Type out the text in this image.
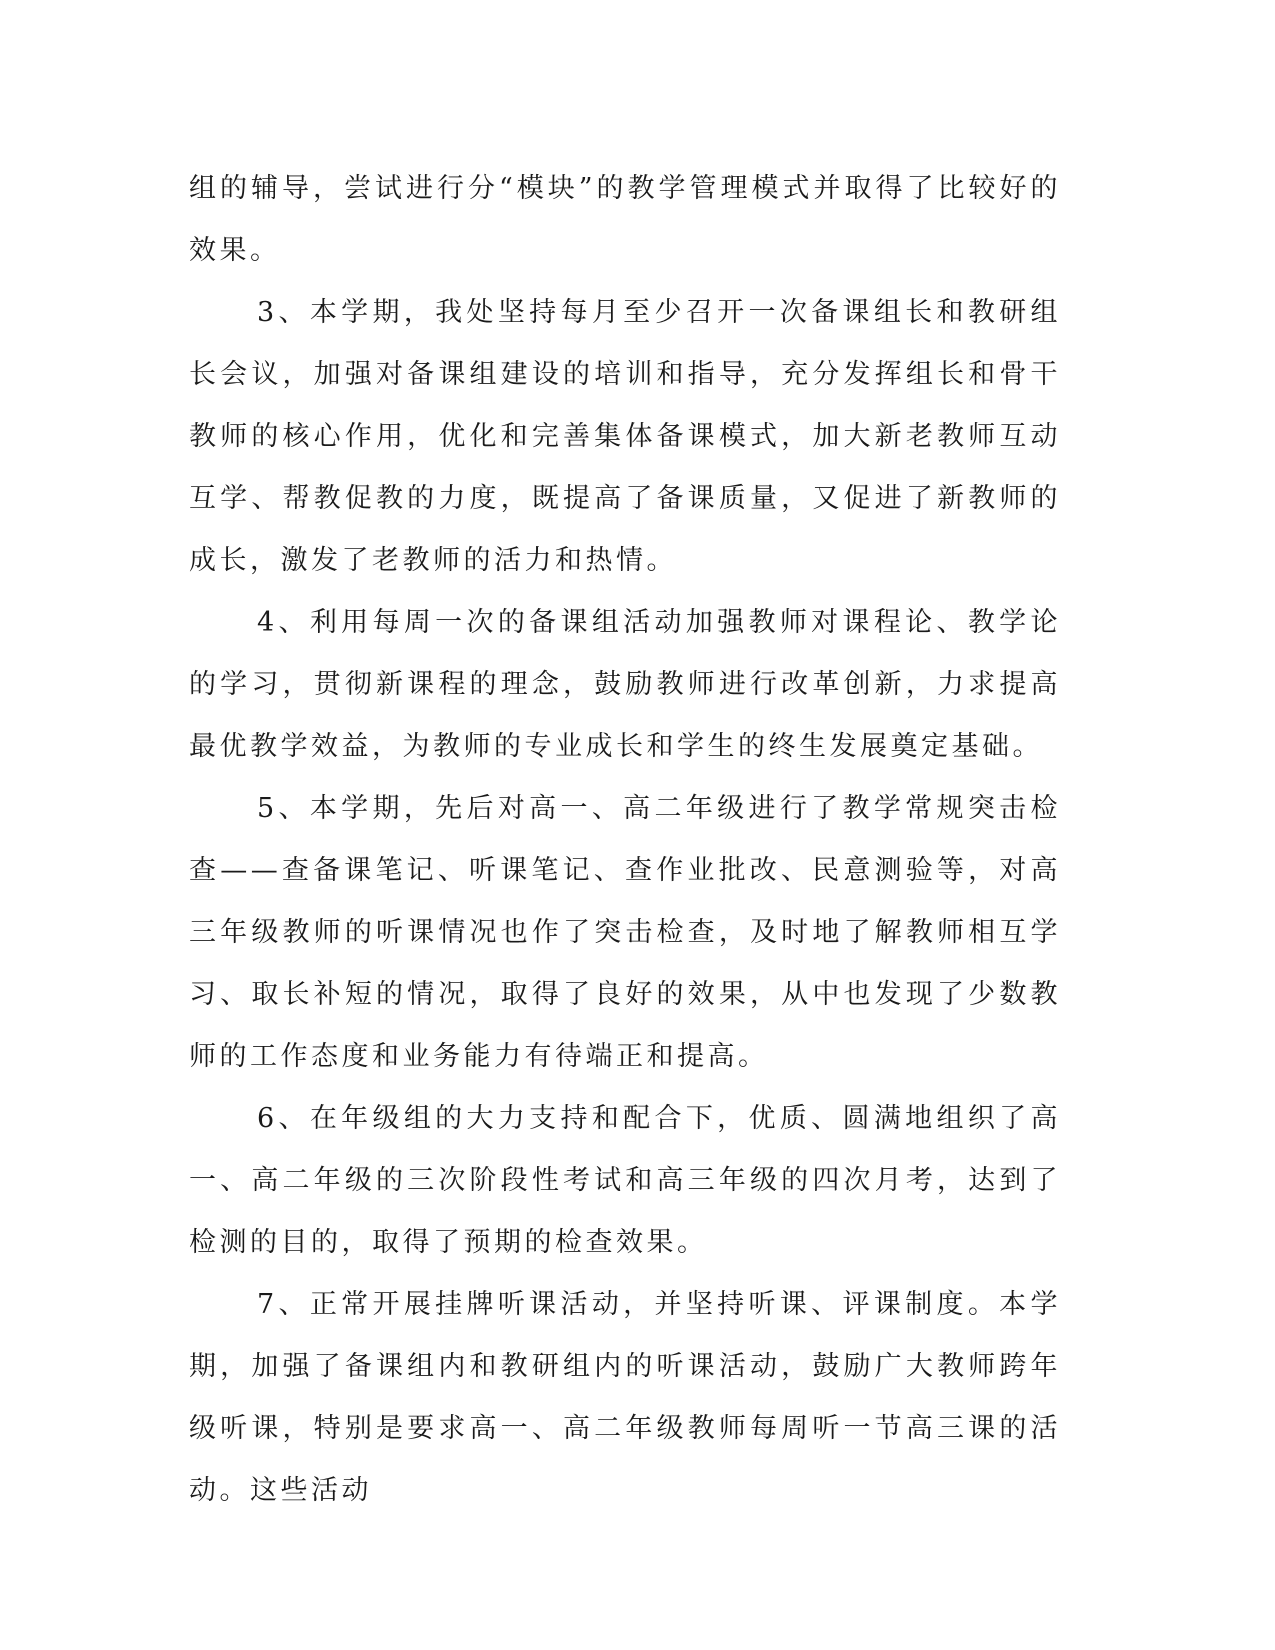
组的辅导，尝试进行分“模块”的教学管理模式并取得了比较好的效果。

3、本学期，我处坚持每月至少召开一次备课组长和教研组长会议，加强对备课组建设的培训和指导，充分发挥组长和骨干教师的核心作用，优化和完善集体备课模式，加大新老教师互动互学、帮教促教的力度，既提高了备课质量，又促进了新教师的成长，激发了老教师的活力和热情。

4、利用每周一次的备课组活动加强教师对课程论、教学论的学习，贯彻新课程的理念，鼓励教师进行改革创新，力求提高最优教学效益，为教师的专业成长和学生的终生发展奠定基础。

5、本学期，先后对高一、高二年级进行了教学常规突击检查——查备课笔记、听课笔记、查作业批改、民意测验等，对高三年级教师的听课情况也作了突击检查，及时地了解教师相互学习、取长补短的情况，取得了良好的效果，从中也发现了少数教师的工作态度和业务能力有待端正和提高。

6、在年级组的大力支持和配合下，优质、圆满地组织了高一、高二年级的三次阶段性考试和高三年级的四次月考，达到了检测的目的，取得了预期的检查效果。

7、正常开展挂牌听课活动，并坚持听课、评课制度。本学期，加强了备课组内和教研组内的听课活动，鼓励广大教师跨年级听课，特别是要求高一、高二年级教师每周听一节高三课的活动。这些活动
